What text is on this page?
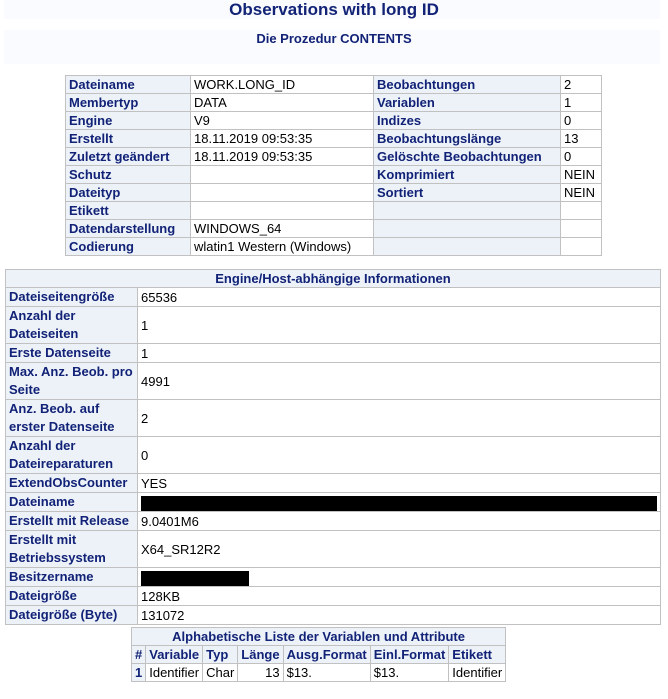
Observations with long ID
Die Prozedur CONTENTS
Dateiname	WORK.LONG_ID	Beobachtungen	2
Membertyp	DATA	Variablen	1
Engine	V9	Indizes	0
Erstellt	18.11.2019 09:53:35	Beobachtungslänge	13
Zuletzt geändert	18.11.2019 09:53:35	Gelöschte Beobachtungen	0
Schutz		Komprimiert	NEIN
Dateityp		Sortiert	NEIN
Etikett			
Datendarstellung	WINDOWS_64		
Codierung	wlatin1 Western (Windows)		
Engine/Host-abhängige Informationen	
Dateiseitengröße	65536
Anzahl der Dateiseiten	1
Erste Datenseite	1
Max. Anz. Beob. pro Seite	4991
Anz. Beob. auf erster Datenseite	2
Anzahl der Dateireparaturen	0
ExtendObsCounter	YES
Dateiname	
Erstellt mit Release	9.0401M6
Erstellt mit Betriebssystem	X64_SR12R2
Besitzername	
Dateigröße	128KB
Dateigröße (Byte)	131072
Alphabetische Liste der Variablen und Attribute						
#	Variable	Typ	Länge	Ausg.Format	Einl.Format	Etikett
1	Identifier	Char	13	$13.	$13.	Identifier
